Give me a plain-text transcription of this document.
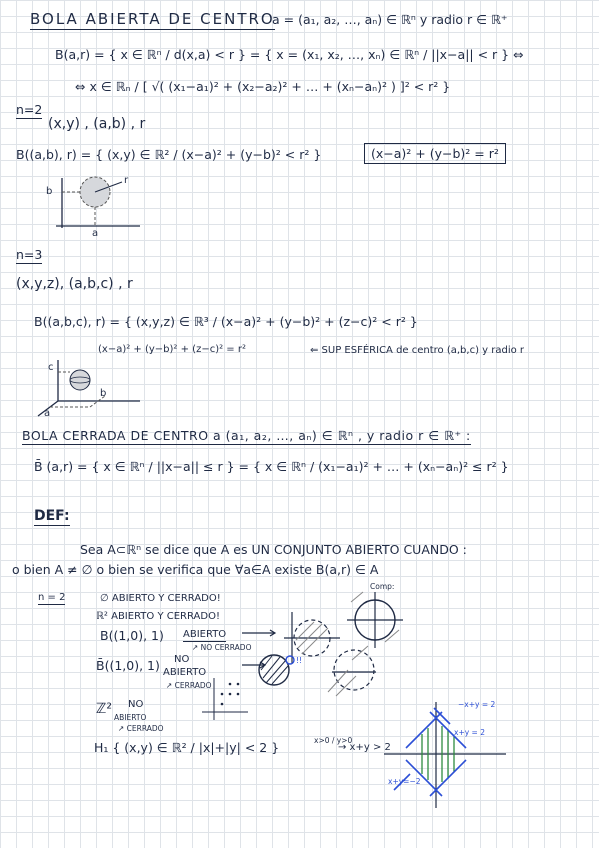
BOLA ABIERTA DE CENTRO
a = (a₁, a₂, …, aₙ) ∈ ℝⁿ y radio r ∈ ℝ⁺
B(a,r) = { x ∈ ℝⁿ / d(x,a) < r } = { x = (x₁, x₂, …, xₙ) ∈ ℝⁿ / ||x−a|| < r } ⇔
⇔ x ∈ ℝₙ / [ √( (x₁−a₁)² + (x₂−a₂)² + … + (xₙ−aₙ)² ) ]² < r² }
n=2
(x,y) , (a,b) , r
B((a,b), r) = { (x,y) ∈ ℝ² / (x−a)² + (y−b)² < r² }	(x−a)² + (y−b)² = r²
b
a
r
n=3
(x,y,z), (a,b,c) , r
B((a,b,c), r) = { (x,y,z) ∈ ℝ³ / (x−a)² + (y−b)² + (z−c)² < r² }
(x−a)² + (y−b)² + (z−c)² = r²	⇐ SUP ESFÉRICA de centro (a,b,c) y radio r
c
a
b
BOLA CERRADA DE CENTRO a (a₁, a₂, …, aₙ) ∈ ℝⁿ , y radio r ∈ ℝ⁺ :
B̄ (a,r) = { x ∈ ℝⁿ / ||x−a|| ≤ r } = { x ∈ ℝⁿ / (x₁−a₁)² + … + (xₙ−aₙ)² ≤ r² }
DEF:
Sea A⊂ℝⁿ se dice que A es UN CONJUNTO ABIERTO CUANDO :
o bien A ≠ ∅ o bien se verifica que ∀a∈A existe B(a,r) ∈ A
n = 2	∅ ABIERTO Y CERRADO!
ℝ² ABIERTO Y CERRADO!
B((1,0), 1) ABIERTO
↗ NO CERRADO
B̄((1,0), 1) NO
ABIERTO
↗ CERRADO
ℤ² NO
ABIERTO
↗ CERRADO
H₁ { (x,y) ∈ ℝ² / |x|+|y| < 2 }	x>0 / y>0
→ x+y > 2
Comp:
!!
−x+y = 2
x+y = 2
x+y=−2
